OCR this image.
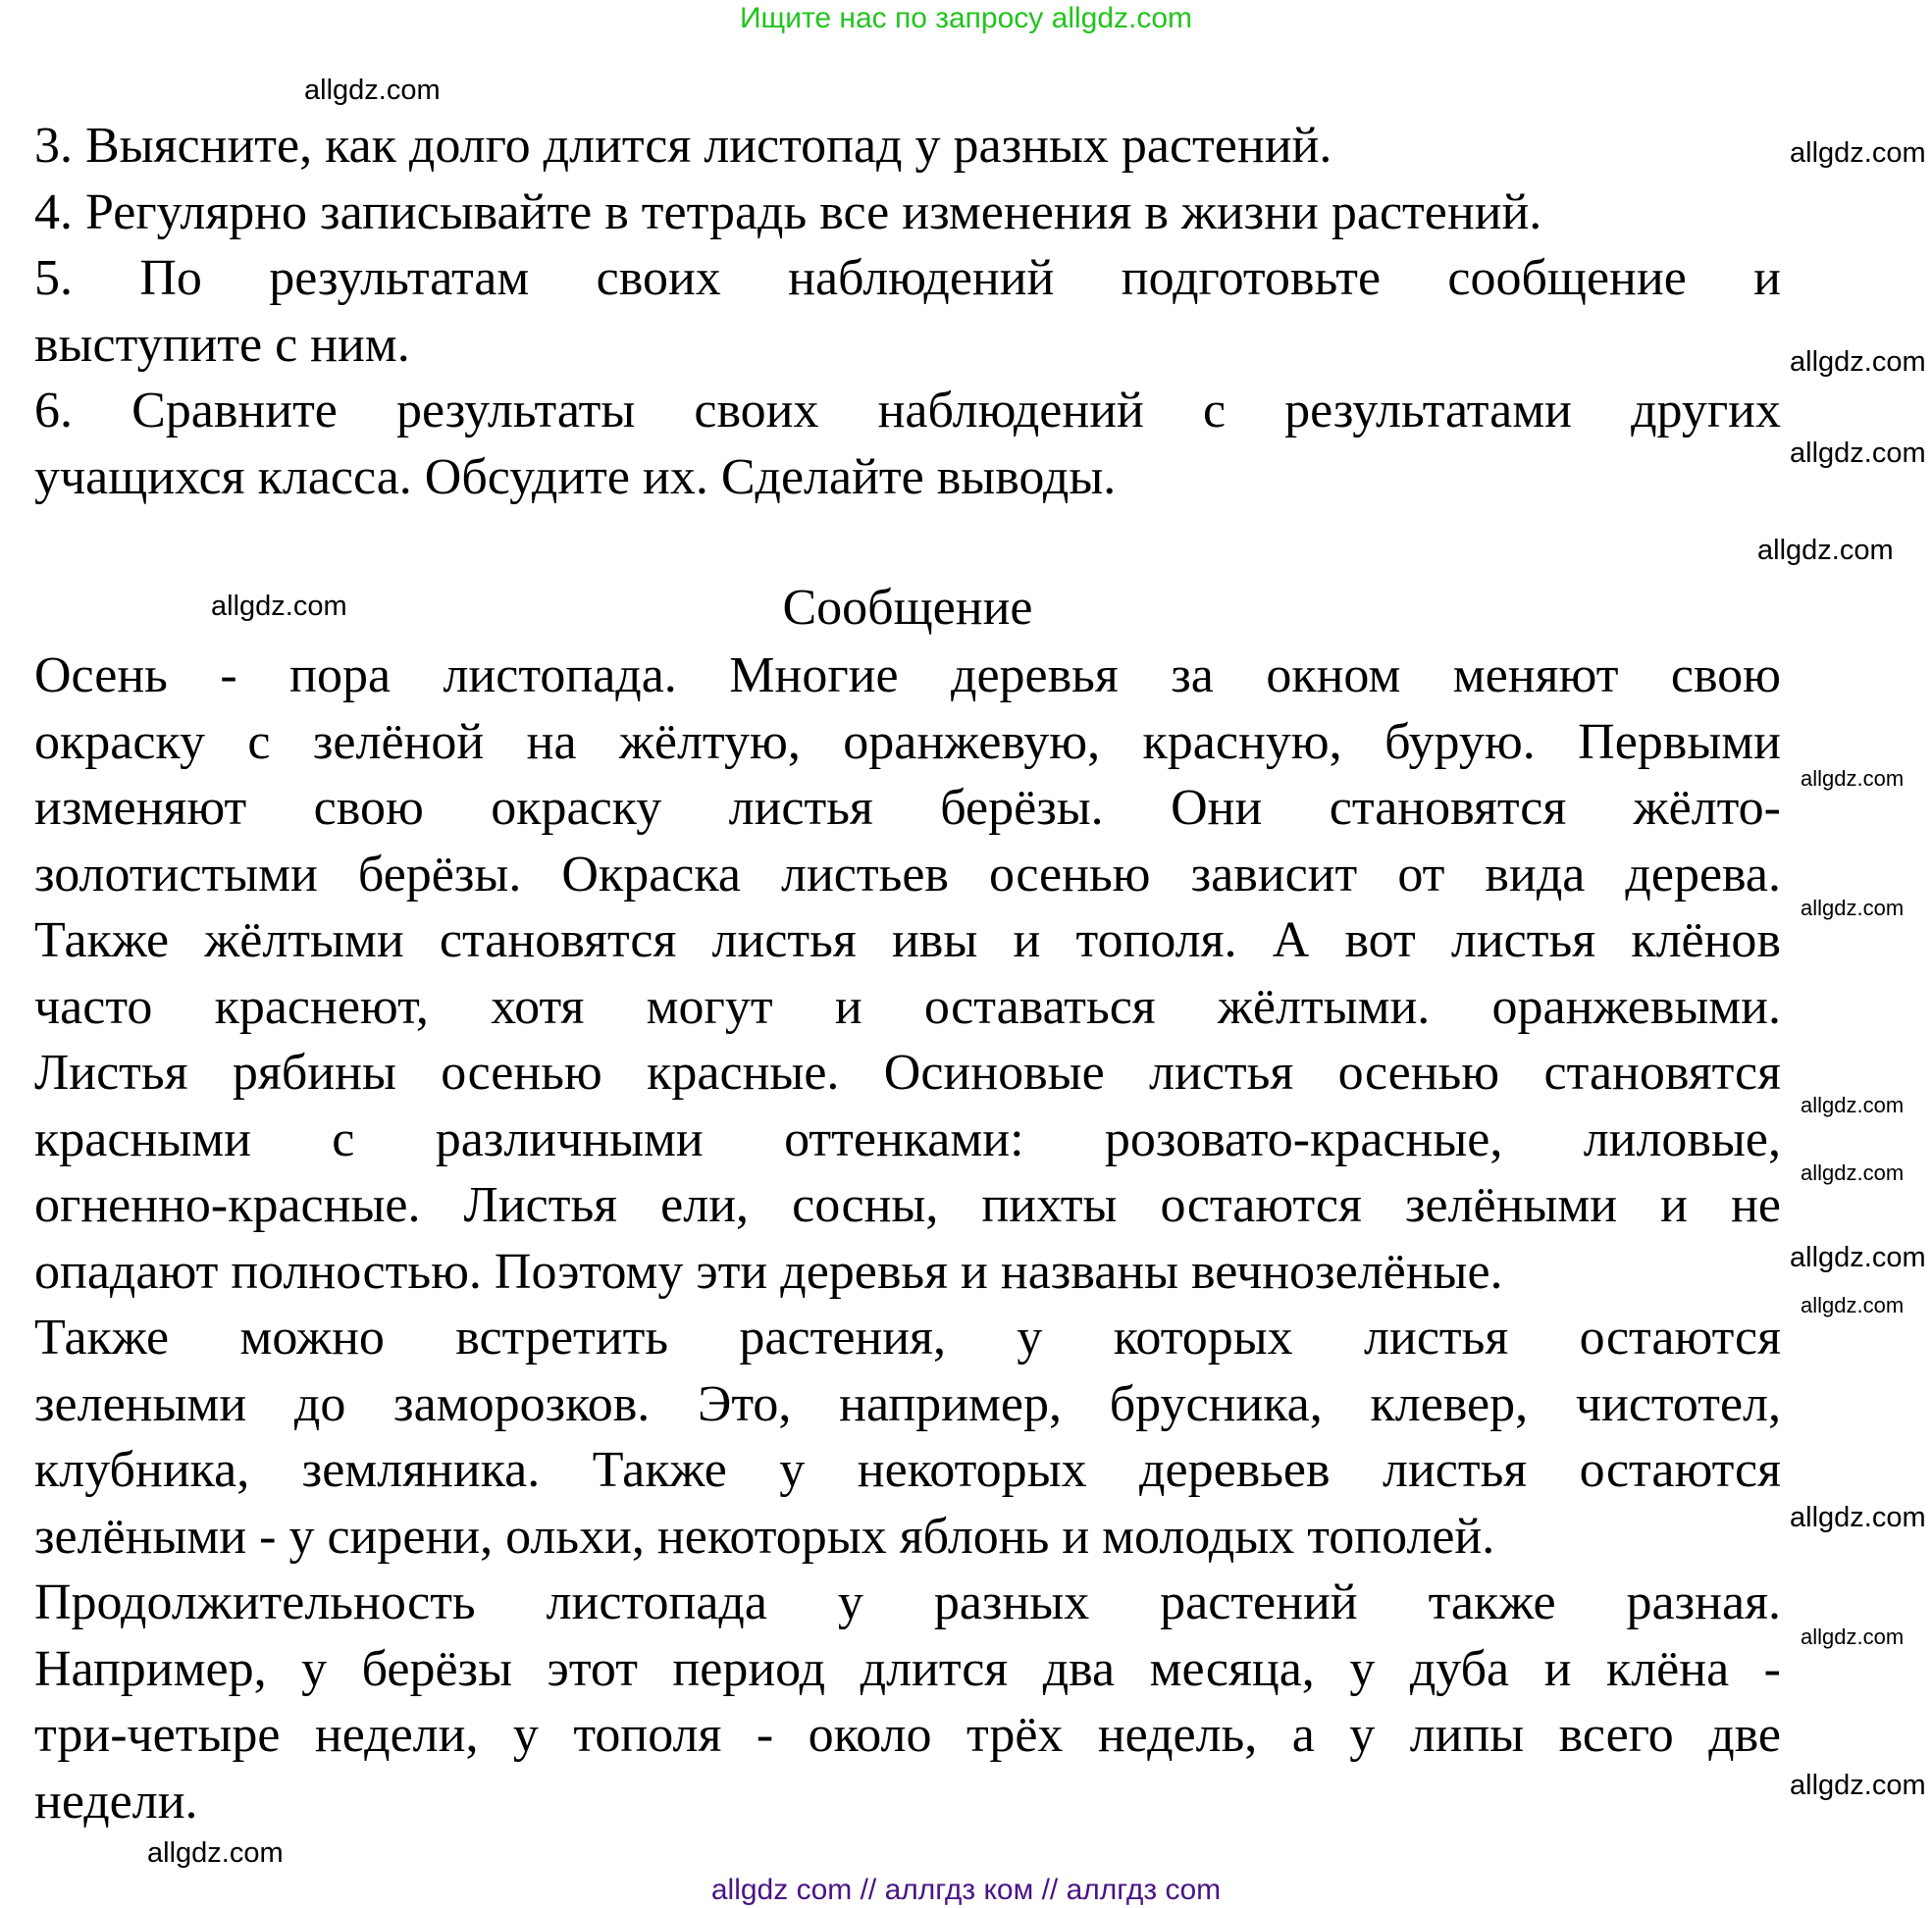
Ищите нас по запросу allgdz.com
3. Выясните, как долго длится листопад у разных растений.
4. Регулярно записывайте в тетрадь все изменения в жизни растений.
5. По результатам своих наблюдений подготовьте сообщение и
выступите с ним.
6. Сравните результаты своих наблюдений с результатами других
учащихся класса. Обсудите их. Сделайте выводы.
Сообщение
Осень - пора листопада. Многие деревья за окном меняют свою
окраску с зелёной на жёлтую, оранжевую, красную, бурую. Первыми
изменяют свою окраску листья берёзы. Они становятся жёлто-
золотистыми берёзы. Окраска листьев осенью зависит от вида дерева.
Также жёлтыми становятся листья ивы и тополя. А вот листья клёнов
часто краснеют, хотя могут и оставаться жёлтыми. оранжевыми.
Листья рябины осенью красные. Осиновые листья осенью становятся
красными с различными оттенками: розовато-красные, лиловые,
огненно-красные. Листья ели, сосны, пихты остаются зелёными и не
опадают полностью. Поэтому эти деревья и названы вечнозелёные.
Также можно встретить растения, у которых листья остаются
зелеными до заморозков. Это, например, брусника, клевер, чистотел,
клубника, земляника. Также у некоторых деревьев листья остаются
зелёными - у сирени, ольхи, некоторых яблонь и молодых тополей.
Продолжительность листопада у разных растений также разная.
Например, у берёзы этот период длится два месяца, у дуба и клёна -
три-четыре недели, у тополя - около трёх недель, а у липы всего две
недели.
allgdz.com
allgdz.com
allgdz.com
allgdz.com
allgdz.com
allgdz.com
allgdz.com
allgdz.com
allgdz.com
allgdz.com
allgdz.com
allgdz.com
allgdz.com
allgdz.com
allgdz.com
allgdz.com
allgdz com // аллгдз ком // аллгдз com
